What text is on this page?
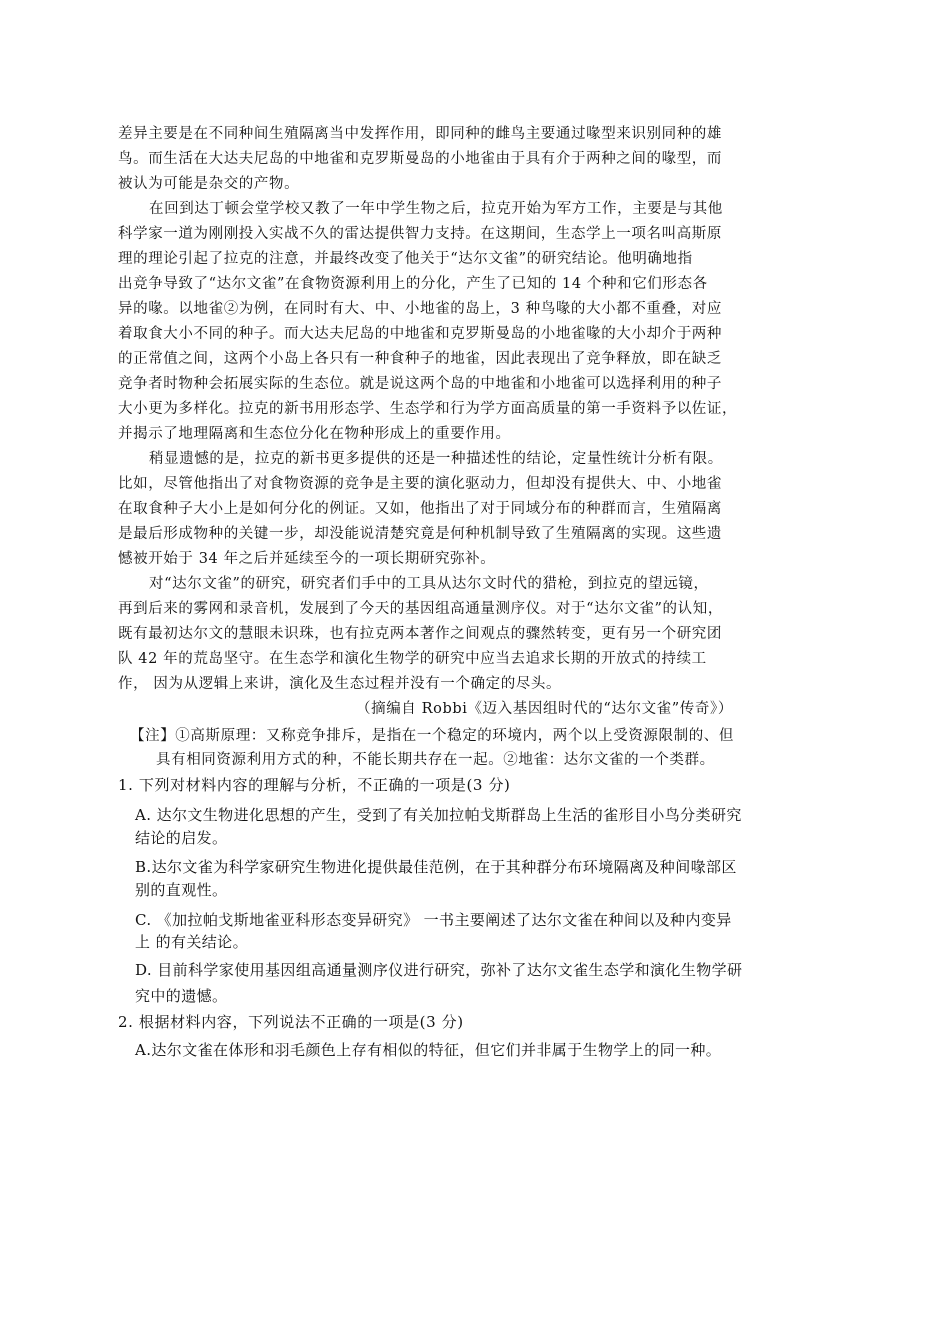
差异主要是在不同种间生殖隔离当中发挥作用，即同种的雌鸟主要通过喙型来识别同种的雄
鸟。而生活在大达夫尼岛的中地雀和克罗斯曼岛的小地雀由于具有介于两种之间的喙型，而
被认为可能是杂交的产物。
在回到达丁顿会堂学校又教了一年中学生物之后，拉克开始为军方工作，主要是与其他
科学家一道为刚刚投入实战不久的雷达提供智力支持。在这期间，生态学上一项名叫高斯原
理的理论引起了拉克的注意，并最终改变了他关于“达尔文雀”的研究结论。他明确地指
出竞争导致了“达尔文雀”在食物资源利用上的分化，产生了已知的 14 个种和它们形态各
异的喙。以地雀②为例，在同时有大、中、小地雀的岛上，3 种鸟喙的大小都不重叠，对应
着取食大小不同的种子。而大达夫尼岛的中地雀和克罗斯曼岛的小地雀喙的大小却介于两种
的正常值之间，这两个小岛上各只有一种食种子的地雀，因此表现出了竞争释放，即在缺乏
竞争者时物种会拓展实际的生态位。就是说这两个岛的中地雀和小地雀可以选择利用的种子
大小更为多样化。拉克的新书用形态学、生态学和行为学方面高质量的第一手资料予以佐证，
并揭示了地理隔离和生态位分化在物种形成上的重要作用。
稍显遗憾的是，拉克的新书更多提供的还是一种描述性的结论，定量性统计分析有限。
比如，尽管他指出了对食物资源的竞争是主要的演化驱动力，但却没有提供大、中、小地雀
在取食种子大小上是如何分化的例证。又如，他指出了对于同域分布的种群而言，生殖隔离
是最后形成物种的关键一步，却没能说清楚究竟是何种机制导致了生殖隔离的实现。这些遗
憾被开始于 34 年之后并延续至今的一项长期研究弥补。
对“达尔文雀”的研究，研究者们手中的工具从达尔文时代的猎枪，到拉克的望远镜，
再到后来的雾网和录音机，发展到了今天的基因组高通量测序仪。对于“达尔文雀”的认知，
既有最初达尔文的慧眼未识珠，也有拉克两本著作之间观点的骤然转变，更有另一个研究团
队 42 年的荒岛坚守。在生态学和演化生物学的研究中应当去追求长期的开放式的持续工
作， 因为从逻辑上来讲，演化及生态过程并没有一个确定的尽头。
（摘编自 Robbi《迈入基因组时代的“达尔文雀”传奇》）
【注】①高斯原理：又称竞争排斥，是指在一个稳定的环境内，两个以上受资源限制的、但
具有相同资源利用方式的种，不能长期共存在一起。②地雀：达尔文雀的一个类群。
1. 下列对材料内容的理解与分析，不正确的一项是(3 分)
A. 达尔文生物进化思想的产生，受到了有关加拉帕戈斯群岛上生活的雀形目小鸟分类研究
结论的启发。
B.达尔文雀为科学家研究生物进化提供最佳范例，在于其种群分布环境隔离及种间喙部区
别的直观性。
C. 《加拉帕戈斯地雀亚科形态变异研究》 一书主要阐述了达尔文雀在种间以及种内变异
上 的有关结论。
D. 目前科学家使用基因组高通量测序仪进行研究，弥补了达尔文雀生态学和演化生物学研
究中的遗憾。
2. 根据材料内容，下列说法不正确的一项是(3 分)
A.达尔文雀在体形和羽毛颜色上存有相似的特征，但它们并非属于生物学上的同一种。
